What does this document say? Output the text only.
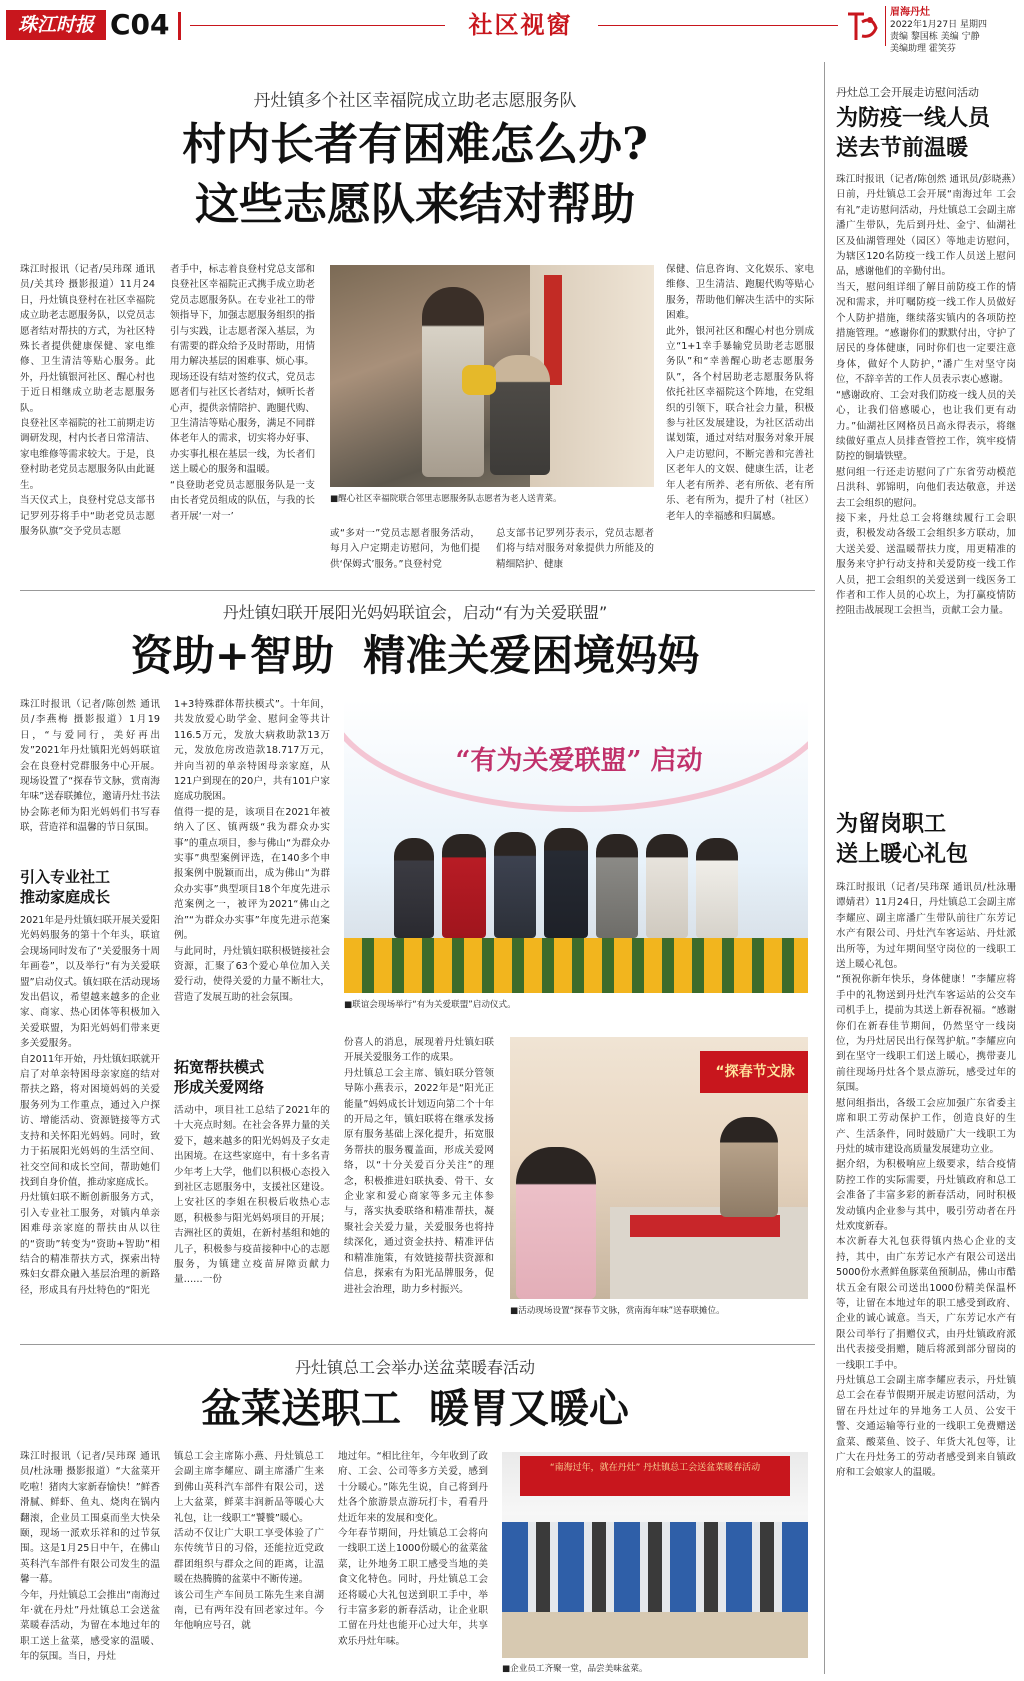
珠江时报 C04	社区视窗	眉海丹灶
2022年1月27日 星期四
责编 黎国栋 美编 宁静
美编助理 霍笑芬
丹灶镇多个社区幸福院成立助老志愿服务队
村内长者有困难怎么办?
这些志愿队来结对帮助
珠江时报讯（记者/吴玮琛 通讯员/关其玲 摄影报道）11月24日，丹灶镇良登村在社区幸福院成立助老志愿服务队，以党员志愿者结对帮扶的方式，为社区特殊长者提供健康保健、家电维修、卫生清洁等贴心服务。此外，丹灶镇银河社区、醒心村也于近日相继成立助老志愿服务队。
良登社区幸福院的社工前期走访调研发现，村内长者日常清洁、家电维修等需求较大。于是，良登村助老党员志愿服务队由此诞生。
当天仪式上，良登村党总支部书记罗列芬将手中“助老党员志愿服务队旗”交予党员志愿
者手中，标志着良登村党总支部和良登社区幸福院正式携手成立助老党员志愿服务队。在专业社工的带领指导下，加强志愿服务组织的指引与实践，让志愿者深入基层，为有需要的群众给予及时帮助，用情用力解决基层的困难事、烦心事。
现场还设有结对签约仪式，党员志愿者们与社区长者结对，倾听长者心声，提供亲情陪护、跑腿代购、卫生清洁等贴心服务，满足不同群体老年人的需求，切实将办好事、办实事扎根在基层一线，为长者们送上暖心的服务和温暖。
“良登助老党员志愿服务队是一支由长者党员组成的队伍，与我的长者开展‘一对一’
■醒心社区幸福院联合邻里志愿服务队志愿者为老人送青菜。
保健、信息咨询、文化娱乐、家电维修、卫生清洁、跑腿代购等贴心服务，帮助他们解决生活中的实际困难。
此外，银河社区和醒心村也分别成立“1+1幸手暴输党员助老志愿服务队”和“幸善醒心助老志愿服务队”，各个村居助老志愿服务队将依托社区幸福院这个阵地，在党组织的引领下，联合社会力量，积极参与社区发展建设，为社区活动出谋划策，通过对结对服务对象开展入户走访慰问，不断完善和完善社区老年人的文娱、健康生活，让老年人老有所养、老有所依、老有所乐、老有所为，提升了村（社区）老年人的幸福感和归属感。
或“多对一”党员志愿者服务活动，每月入户定期走访慰问，为他们提供‘保姆式’服务。”良登村党
总支部书记罗列芬表示，党员志愿者们将与结对服务对象提供力所能及的精细陪护、健康
丹灶镇妇联开展阳光妈妈联谊会，启动“有为关爱联盟”
资助+智助  精准关爱困境妈妈
珠江时报讯（记者/陈创然 通讯员/李燕梅 摄影报道）1月19日，“与爱同行，美好再出发”2021年丹灶镇阳光妈妈联谊会在良登村党群服务中心开展。现场设置了“探春节文脉，赏南海年味”送春联摊位，邀请丹灶书法协会陈老师为阳光妈妈们书写春联，营造祥和温馨的节日氛围。
引入专业社工
推动家庭成长
2021年是丹灶镇妇联开展关爱阳光妈妈服务的第十个年头，联谊会现场同时发布了“关爱服务十周年画卷”，以及举行“有为关爱联盟”启动仪式。镇妇联在活动现场发出倡议，希望越来越多的企业家、商家、热心团体等积极加入关爱联盟，为阳光妈妈们带来更多关爱服务。
自2011年开始，丹灶镇妇联就开启了对单亲特困母亲家庭的结对帮扶之路，将对困境妈妈的关爱服务列为工作重点，通过入户探访、增能活动、资源链接等方式支持和关怀阳光妈妈。同时，致力于拓展阳光妈妈的生活空间、社交空间和成长空间，帮助她们找到自身价值，推动家庭成长。
丹灶镇妇联不断创新服务方式，引入专业社工服务，对镇内单亲困难母亲家庭的帮扶由从以往的“资助”转变为“资助+智助”相结合的精准帮扶方式，探索出特殊妇女群众融入基层治理的新路径，形成具有丹灶特色的“阳光
1+3特殊群体帮扶模式”。十年间，共发放爱心助学金、慰问金等共计116.5万元，发放大病救助款13万元，发放危房改造款18.717万元，并向当初的单亲特困母亲家庭，从121户到现在的20户，共有101户家庭成功脱困。
值得一提的是，该项目在2021年被纳入了区、镇两级“我为群众办实事”的重点项目，参与佛山“为群众办实事”典型案例评选，在140多个申报案例中脱颖而出，成为佛山“为群众办实事”典型项目18个年度先进示范案例之一，被评为2021“佛山之治”“为群众办实事”年度先进示范案例。
与此同时，丹灶镇妇联积极链接社会资源，汇聚了63个爱心单位加入关爱行动，使得关爱的力量不断壮大，营造了发展互助的社会氛围。
“有为关爱联盟” 启动
■联谊会现场举行“有为关爱联盟”启动仪式。
拓宽帮扶模式
形成关爱网络
活动中，项目社工总结了2021年的十大亮点时刻。在社会各界力量的关爱下，越来越多的阳光妈妈及子女走出困境。在这些家庭中，有十多名青少年考上大学，他们以积极心态投入到社区志愿服务中，支援社区建设。上安社区的李姐在积极后收热心志愿，积极参与阳光妈妈项目的开展；吉洲社区的黄姐，在新村基组和她的儿子，积极参与疫苗接种中心的志愿服务，为镇建立疫苗屏障贡献力量……一份
份喜人的消息，展现着丹灶镇妇联开展关爱服务工作的成果。
丹灶镇总工会主席、镇妇联分管领导陈小燕表示，2022年是“阳光正能量”妈妈成长计划迈向第二个十年的开局之年，镇妇联将在继承发扬原有服务基础上深化提升，拓宽服务帮扶的服务覆盖面，形成关爱网络，以“十分关爱百分关注”的理念，积极推进妇联执委、骨干、女企业家和爱心商家等多元主体参与，落实执委联络和精准帮扶，凝聚社会关爱力量，关爱服务也将持续深化，通过资金扶持、精准评估和精准施策，有效链接帮扶资源和信息，探索有为阳光品牌服务，促进社会治理，助力乡村振兴。
“探春节文脉
■活动现场设置“探春节文脉，赏南海年味”送春联摊位。
丹灶镇总工会举办送盆菜暖春活动
盆菜送职工  暖胃又暖心
珠江时报讯（记者/吴玮琛 通讯员/杜泳珊 摄影报道）“大盆菜开吃啦！猪肉大家新春愉快！”鲜香滑腻、鲜虾、鱼丸、烧肉在锅内翻滚，企业员工围桌而坐大快朵颐，现场一派欢乐祥和的过节氛围。这是1月25日中午，在佛山英科汽车部件有限公司发生的温馨一幕。
今年，丹灶镇总工会推出“南海过年·就在丹灶”丹灶镇总工会送盆菜暖春活动，为留在本地过年的职工送上盆菜，感受家的温暖、年的氛围。当日，丹灶
镇总工会主席陈小燕、丹灶镇总工会副主席李耀应、副主席潘广生来到佛山英科汽车部件有限公司，送上大盆菜，鲜菜丰润新品等暖心大礼包，让一线职工“饕餮”暖心。
活动不仅让广大职工享受体验了广东传统节日的习俗，还能拉近党政群团组织与群众之间的距离，让温暖在热腾腾的盆菜中不断传递。
该公司生产车间员工陈先生来自湖南，已有两年没有回老家过年。今年他响应号召，就
地过年。“相比往年，今年收到了政府、工会、公司等多方关爱，感到十分暖心。”陈先生说，自己将到丹灶各个旅游景点游玩打卡，看看丹灶近年来的发展和变化。
今年春节期间，丹灶镇总工会将向一线职工送上1000份暖心的盆菜盆菜，让外地务工职工感受当地的美食文化特色。同时，丹灶镇总工会还将暖心大礼包送到职工手中，举行丰富多彩的新春活动，让企业职工留在丹灶也能开心过大年，共享欢乐丹灶年味。
“南海过年，就在丹灶” 丹灶镇总工会送盆菜暖春活动
■企业员工齐聚一堂，品尝美味盆菜。
丹灶总工会开展走访慰问活动
为防疫一线人员
送去节前温暖
珠江时报讯（记者/陈创然 通讯员/彭晓燕）日前，丹灶镇总工会开展“南海过年 工会有礼”走访慰问活动，丹灶镇总工会副主席潘广生带队，先后到丹灶、金宁、仙湖社区及仙湖管理处（园区）等地走访慰问，为辖区120名防疫一线工作人员送上慰问品，感谢他们的辛勤付出。
当天，慰问组详细了解目前防疫工作的情况和需求，并叮嘱防疫一线工作人员做好个人防护措施，继续落实镇内的各项防控措施管理。“感谢你们的默默付出，守护了居民的身体健康，同时你们也一定要注意身体，做好个人防护，”潘广生对坚守岗位，不辞辛苦的工作人员表示衷心感谢。
“感谢政府、工会对我们防疫一线人员的关心，让我们倍感暖心，也让我们更有动力。”仙湖社区网格员吕高永得表示，将继续做好重点人员排查管控工作，筑牢疫情防控的铜墙铁壁。
慰问组一行还走访慰问了广东省劳动模范吕洪科、郭锦明，向他们表达敬意，并送去工会组织的慰问。
接下来，丹灶总工会将继续履行工会职责，积极发动各级工会组织多方联动，加大送关爱、送温暖帮扶力度，用更精准的服务来守护行动支持和关爱防疫一线工作人员，把工会组织的关爱送到一线医务工作者和工作人员的心坎上，为打赢疫情防控阻击战展现工会担当，贡献工会力量。
为留岗职工
送上暖心礼包
珠江时报讯（记者/吴玮琛 通讯员/杜泳珊 谭婧君）11月24日，丹灶镇总工会副主席李耀应、副主席潘广生带队前往广东芳记水产有限公司、丹灶汽车客运站、丹灶派出所等，为过年期间坚守岗位的一线职工送上暖心礼包。
“预祝你新年快乐，身体健康！”李耀应将手中的礼物送到丹灶汽车客运站的公交车司机手上，提前为其送上新春祝福。“感谢你们在新春佳节期间，仍然坚守一线岗位，为丹灶居民出行保驾护航。”李耀应向到在坚守一线职工们送上暖心，携带妻儿前往现场丹灶各个景点游玩，感受过年的氛围。
慰问组指出，各级工会应加强广东省委主席和职工劳动保护工作，创造良好的生产、生活条件，同时鼓励广大一线职工为丹灶的城市建设高质量发展建功立业。
据介绍，为积极响应上级要求，结合疫情防控工作的实际需要，丹灶镇政府和总工会准备了丰富多彩的新春活动，同时积极发动镇内企业参与其中，吸引劳动者在丹灶欢度新春。
本次新春大礼包获得镇内热心企业的支持，其中，由广东芳记水产有限公司送出5000份水煮鲜鱼豚菜鱼预制品，佛山市酷状五金有限公司送出1000份精美保温杯等，让留在本地过年的职工感受到政府、企业的诚心诚意。当天，广东芳记水产有限公司举行了捐赠仪式，由丹灶镇政府派出代表接受捐赠，随后将派到部分留岗的一线职工手中。
丹灶镇总工会副主席李耀应表示，丹灶镇总工会在春节假期开展走访慰问活动，为留在丹灶过年的异地务工人员、公安干警、交通运输等行业的一线职工免费赠送盒菜、酸菜鱼、饺子、年货大礼包等，让广大在丹灶务工的劳动者感受到来自镇政府和工会娘家人的温暖。
